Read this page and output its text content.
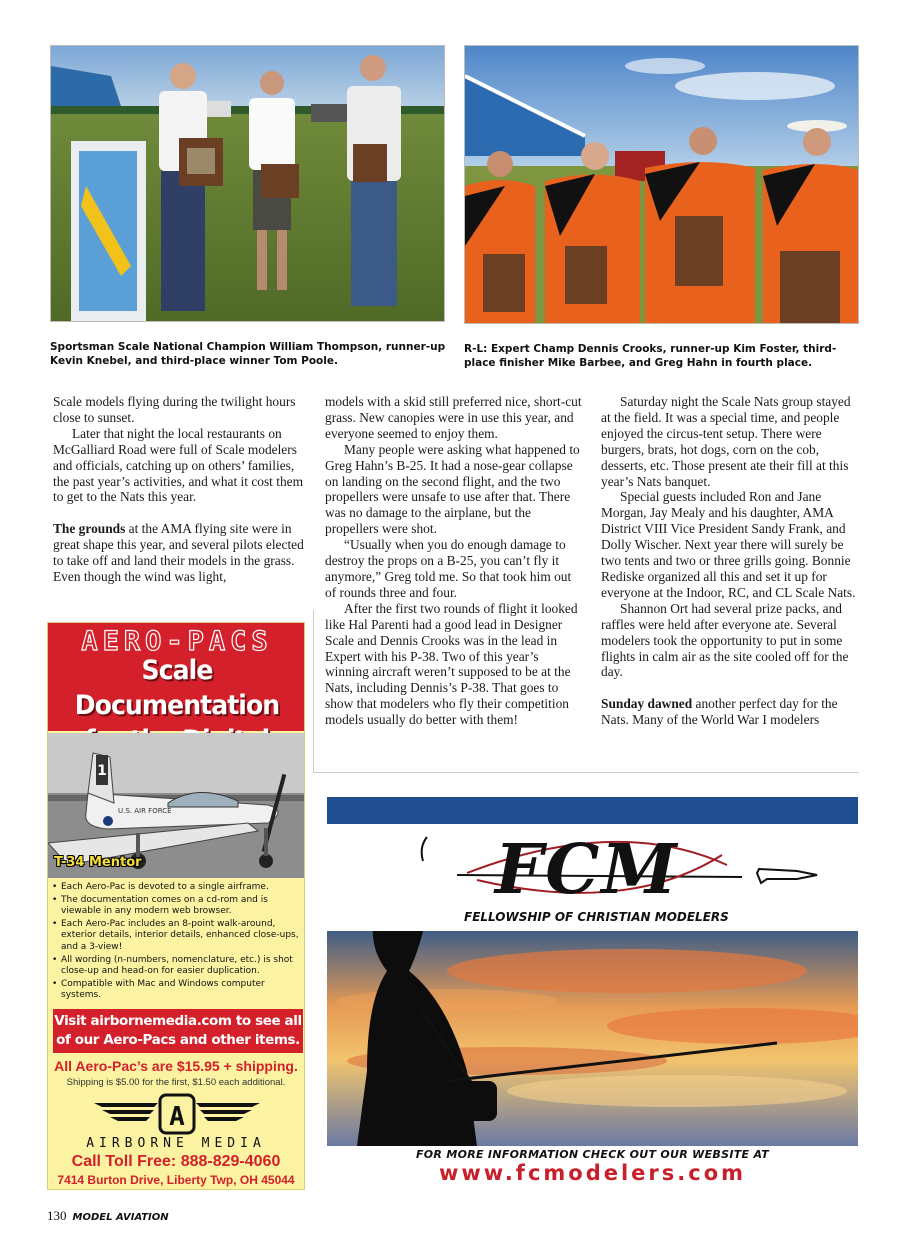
Sportsman Scale National Champion William Thompson, runner-up Kevin Knebel, and third-place winner Tom Poole.
R-L: Expert Champ Dennis Crooks, runner-up Kim Foster, third-place finisher Mike Barbee, and Greg Hahn in fourth place.

Scale models flying during the twilight hours close to sunset.

Later that night the local restaurants on McGalliard Road were full of Scale modelers and officials, catching up on others’ families, the past year’s activities, and what it cost them to get to the Nats this year.

The grounds at the AMA flying site were in great shape this year, and several pilots elected to take off and land their models in the grass. Even though the wind was light,

models with a skid still preferred nice, short-cut grass. New canopies were in use this year, and everyone seemed to enjoy them.

Many people were asking what happened to Greg Hahn’s B-25. It had a nose-gear collapse on landing on the second flight, and the two propellers were unsafe to use after that. There was no damage to the airplane, but the propellers were shot.

“Usually when you do enough damage to destroy the props on a B-25, you can’t fly it anymore,” Greg told me. So that took him out of rounds three and four.

After the first two rounds of flight it looked like Hal Parenti had a good lead in Designer Scale and Dennis Crooks was in the lead in Expert with his P-38. Two of this year’s winning aircraft weren’t supposed to be at the Nats, including Dennis’s P-38. That goes to show that modelers who fly their competition models usually do better with them!

Saturday night the Scale Nats group stayed at the field. It was a special time, and people enjoyed the circus-tent setup. There were burgers, brats, hot dogs, corn on the cob, desserts, etc. Those present ate their fill at this year’s Nats banquet.

Special guests included Ron and Jane Morgan, Jay Mealy and his daughter, AMA District VIII Vice President Sandy Frank, and Dolly Wischer. Next year there will surely be two tents and two or three grills going. Bonnie Rediske organized all this and set it up for everyone at the Indoor, RC, and CL Scale Nats.

Shannon Ort had several prize packs, and raffles were held after everyone ate. Several modelers took the opportunity to put in some flights in calm air as the site cooled off for the day.

Sunday dawned another perfect day for the Nats. Many of the World War I modelers

AERO-PACS
Scale Documentation
1
U.S. AIR FORCE
T-34 Mentor
• Each Aero-Pac is devoted to a single airframe.
• The documentation comes on a cd-rom and is viewable in any modern web browser.
• Each Aero-Pac includes an 8-point walk-around, exterior details, interior details, enhanced close-ups, and a 3-view!
• All wording (n-numbers, nomenclature, etc.) is shot close-up and head-on for easier duplication.
• Compatible with Mac and Windows computer systems.
Visit airbornemedia.com to see all
of our Aero-Pacs and other items.
All Aero-Pac’s are $15.95 + shipping.
Shipping is $5.00 for the first, $1.50 each additional.
A
AIRBORNE MEDIA
Call Toll Free: 888-829-4060
7414 Burton Drive, Liberty Twp, OH 45044
FCM
FELLOWSHIP OF CHRISTIAN MODELERS
FOR MORE INFORMATION CHECK OUT OUR WEBSITE AT
www.fcmodelers.com
130 MODEL AVIATION
